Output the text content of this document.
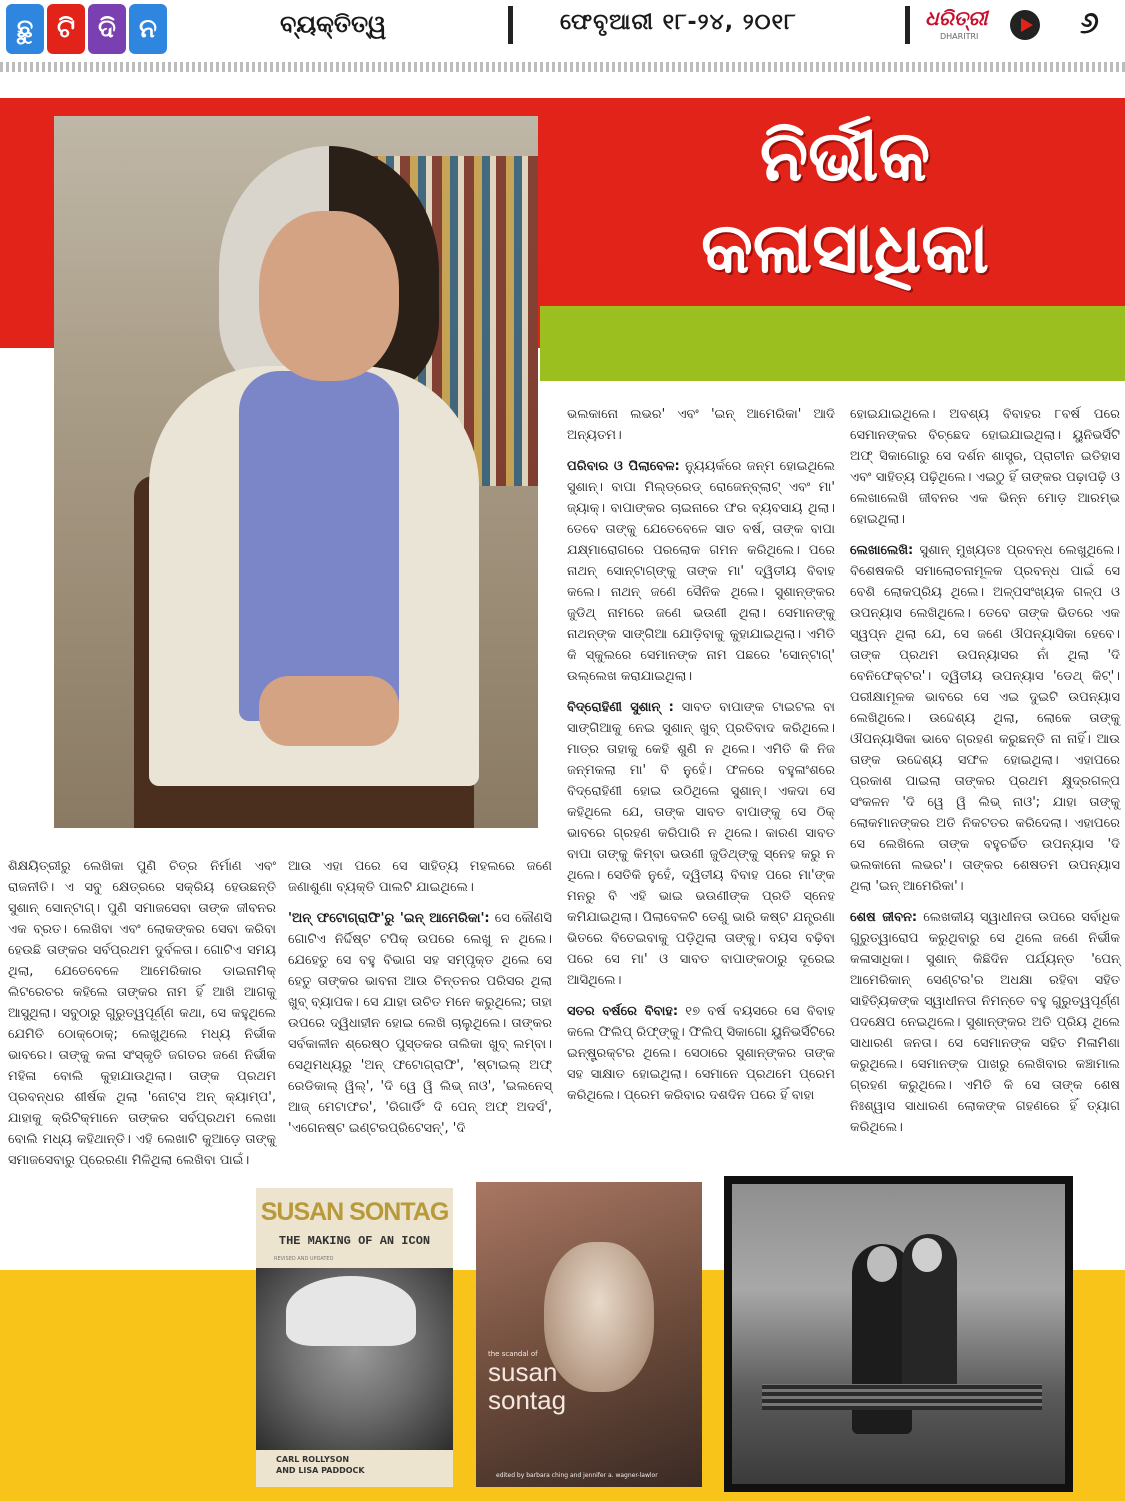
ଛୁ ଟି ଦି ନ	ବ୍ୟକ୍ତିତ୍ୱ	ଫେବୃଆରୀ ୧୮-୨୪, ୨୦୧୮	ଧରିତ୍ରୀ
DHARITRI	୬
ନିର୍ଭୀକ
କଳାସାଧିକା

ଭଲକାନୋ ଲଭର' ଏବଂ 'ଇନ୍ ଆମେରିକା' ଆଦି ଅନ୍ୟତମ।

ପରିବାର ଓ ପିଲାବେଳ: ନ୍ୟୁୟର୍କରେ ଜନ୍ମ ହୋଇଥିଲେ ସୁଶାନ୍। ବାପା ମିଲ୍‌ଡ୍ରେଡ୍ ରୋଜେନ୍‌ବ୍ଲାଟ୍ ଏବଂ ମା' ଜ୍ୟାକ୍। ବାପାଙ୍କର ଚାଇନାରେ ଫର ବ୍ୟବସାୟ ଥିଲା। ତେବେ ତାଙ୍କୁ ଯେତେବେଳେ ସାତ ବର୍ଷ, ତାଙ୍କ ବାପା ଯକ୍ଷ୍ମାରୋଗରେ ପରଲୋକ ଗମନ କରିଥିଲେ। ପରେ ନାଥନ୍ ସୋନ୍‌ଟାଗ୍‌ଙ୍କୁ ତାଙ୍କ ମା' ଦ୍ୱିତୀୟ ବିବାହ କଲେ। ନାଥନ୍ ଜଣେ ସୈନିକ ଥିଲେ। ସୁଶାନ୍‌ଙ୍କର ଜୁଡିଥ୍ ନାମରେ ଜଣେ ଭଉଣୀ ଥିଲା। ସେମାନଙ୍କୁ ନାଥନ୍‌ଙ୍କ ସାଙ୍ଗିଆ ଯୋଡ଼ିବାକୁ କୁହାଯାଇଥିଲା। ଏମିତି କି ସ୍କୁଲରେ ସେମାନଙ୍କ ନାମ ପଛରେ 'ସୋନ୍‌ଟାଗ୍' ଉଲ୍ଲେଖ କରାଯାଇଥିଲା।

ବିଦ୍ରୋହିଣୀ ସୁଶାନ୍ : ସାବତ ବାପାଙ୍କ ଟାଇଟଲ ବା ସାଙ୍ଗିଆକୁ ନେଇ ସୁଶାନ୍ ଖୁବ୍ ପ୍ରତିବାଦ କରିଥିଲେ। ମାତ୍ର ତାହାକୁ କେହି ଶୁଣି ନ ଥିଲେ। ଏମିତି କି ନିଜ ଜନ୍ମକଲା ମା' ବି ନୁହେଁ। ଫଳରେ ବହୁଳାଂଶରେ ବିଦ୍ରୋହିଣୀ ହୋଇ ଉଠିଥିଲେ ସୁଶାନ୍। ଏକଦା ସେ କହିଥିଲେ ଯେ, ତାଙ୍କ ସାବତ ବାପାଙ୍କୁ ସେ ଠିକ୍ ଭାବରେ ଗ୍ରହଣ କରିପାରି ନ ଥିଲେ। କାରଣ ସାବତ ବାପା ତାଙ୍କୁ କିମ୍ବା ଭଉଣୀ ଜୁଡିଥ୍‌ଙ୍କୁ ସ୍ନେହ କରୁ ନ ଥିଲେ। ସେତିକି ନୁହେଁ, ଦ୍ୱିତୀୟ ବିବାହ ପରେ ମା'ଙ୍କ ମନରୁ ବି ଏହି ଭାଇ ଭଉଣୀଙ୍କ ପ୍ରତି ସ୍ନେହ କମିଯାଇଥିଲା। ପିଲାବେଳଟି ତେଣୁ ଭାରି କଷ୍ଟ ଯନ୍ତ୍ରଣା ଭିତରେ ବିତେଇବାକୁ ପଡ଼ିଥିଲା ତାଙ୍କୁ। ବୟସ ବଢ଼ିବା ପରେ ସେ ମା' ଓ ସାବତ ବାପାଙ୍କଠାରୁ ଦୂରେଇ ଆସିଥିଲେ।

ସତର ବର୍ଷରେ ବିବାହ: ୧୭ ବର୍ଷ ବୟସରେ ସେ ବିବାହ କଲେ ଫିଲିପ୍ ରିଫ୍‌ଙ୍କୁ। ଫିଲିପ୍ ସିକାଗୋ ୟୁନିଭର୍ସିଟିରେ ଇନ୍‌ଷ୍ଟ୍ରକ୍ଟର ଥିଲେ। ସେଠାରେ ସୁଶାନ୍‌ଙ୍କର ତାଙ୍କ ସହ ସାକ୍ଷାତ ହୋଇଥିଲା। ସେମାନେ ପ୍ରଥମେ ପ୍ରେମ କରିଥିଲେ। ପ୍ରେମ କରିବାର ଦଶଦିନ ପରେ ହିଁ ବାହା

ହୋଇଯାଇଥିଲେ। ଅବଶ୍ୟ ବିବାହର ୮ବର୍ଷ ପରେ ସେମାନଙ୍କର ବିଚ୍ଛେଦ ହୋଇଯାଇଥିଲା। ୟୁନିଭର୍ସିଟି ଅଫ୍ ସିକାଗୋରୁ ସେ ଦର୍ଶନ ଶାସ୍ତ୍ର, ପ୍ରାଚୀନ ଇତିହାସ ଏବଂ ସାହିତ୍ୟ ପଢ଼ିଥିଲେ। ଏଇଠୁ ହିଁ ତାଙ୍କର ପଢ଼ାପଢ଼ି ଓ ଲେଖାଲେଖି ଜୀବନର ଏକ ଭିନ୍ନ ମୋଡ଼ ଆରମ୍ଭ ହୋଇଥିଲା।

ଲେଖାଲେଖି: ସୁଶାନ୍ ମୁଖ୍ୟତଃ ପ୍ରବନ୍ଧ ଲେଖୁଥିଲେ। ବିଶେଷକରି ସମାଲୋଚନାମୂଳକ ପ୍ରବନ୍ଧ ପାଇଁ ସେ ବେଶି ଲୋକପ୍ରିୟ ଥିଲେ। ଅଳ୍ପସଂଖ୍ୟକ ଗଳ୍ପ ଓ ଉପନ୍ୟାସ ଲେଖିଥିଲେ। ତେବେ ତାଙ୍କ ଭିତରେ ଏକ ସ୍ୱପ୍ନ ଥିଲା ଯେ, ସେ ଜଣେ ଔପନ୍ୟାସିକା ହେବେ। ତାଙ୍କ ପ୍ରଥମ ଉପନ୍ୟାସର ନାଁ ଥିଲା 'ଦି ବେନିଫେକ୍ଟର'। ଦ୍ୱିତୀୟ ଉପନ୍ୟାସ 'ଡେଥ୍ କିଟ୍'। ପରୀକ୍ଷାମୂଳକ ଭାବରେ ସେ ଏଇ ଦୁଇଟି ଉପନ୍ୟାସ ଲେଖିଥିଲେ। ଉଦ୍ଦେଶ୍ୟ ଥିଲା, ଲୋକେ ତାଙ୍କୁ ଔପନ୍ୟାସିକା ଭାବେ ଗ୍ରହଣ କରୁଛନ୍ତି ନା ନାହିଁ। ଆଉ ତାଙ୍କ ଉଦ୍ଦେଶ୍ୟ ସଫଳ ହୋଇଥିଲା। ଏହାପରେ ପ୍ରକାଶ ପାଇଲା ତାଙ୍କର ପ୍ରଥମ କ୍ଷୁଦ୍ରଗଳ୍ପ ସଂକଳନ 'ଦି ୱେ ୱି ଲିଭ୍ ନାଓ'; ଯାହା ତାଙ୍କୁ ଲୋକମାନଙ୍କର ଅତି ନିକଟତର କରିଦେଲା। ଏହାପରେ ସେ ଲେଖିଲେ ତାଙ୍କ ବହୁଚର୍ଚ୍ଚିତ ଉପନ୍ୟାସ 'ଦି ଭଲକାନୋ ଲଭର'। ତାଙ୍କର ଶେଷତମ ଉପନ୍ୟାସ ଥିଲା 'ଇନ୍ ଆମେରିକା'।

ଶେଷ ଜୀବନ: ଲେଖକୀୟ ସ୍ୱାଧୀନତା ଉପରେ ସର୍ବାଧିକ ଗୁରୁତ୍ୱାରୋପ କରୁଥିବାରୁ ସେ ଥିଲେ ଜଣେ ନିର୍ଭୀକ କଳାସାଧିକା। ସୁଶାନ୍ କିଛିଦିନ ପର୍ଯ୍ୟନ୍ତ 'ପେନ୍ ଆମେରିକାନ୍ ସେଣ୍ଟର'ର ଅଧକ୍ଷା ରହିବା ସହିତ ସାହିତ୍ୟିକଙ୍କ ସ୍ୱାଧୀନତା ନିମନ୍ତେ ବହୁ ଗୁରୁତ୍ୱପୂର୍ଣ୍ଣ ପଦକ୍ଷେପ ନେଇଥିଲେ। ସୁଶାନ୍‌ଙ୍କର ଅତି ପ୍ରିୟ ଥିଲେ ସାଧାରଣ ଜନତା। ସେ ସେମାନଙ୍କ ସହିତ ମିଳାମିଶା କରୁଥିଲେ। ସେମାନଙ୍କ ପାଖରୁ ଲେଖିବାର କଞ୍ଚାମାଲ ଗ୍ରହଣ କରୁଥିଲେ। ଏମିତି କି ସେ ତାଙ୍କ ଶେଷ ନିଃଶ୍ୱାସ ସାଧାରଣ ଲୋକଙ୍କ ଗହଣରେ ହିଁ ତ୍ୟାଗ କରିଥିଲେ।

ଶିକ୍ଷୟିତ୍ରୀରୁ ଲେଖିକା ପୁଣି ଚିତ୍ର ନିର୍ମାଣ ଏବଂ ରାଜନୀତି। ଏ ସବୁ କ୍ଷେତ୍ରରେ ସକ୍ରିୟ ହେଉଛନ୍ତି ସୁଶାନ୍ ସୋନ୍‌ଟାଗ୍‌। ପୁଣି ସମାଜସେବା ତାଙ୍କ ଜୀବନର ଏକ ବ୍ରତ। ଲେଖିବା ଏବଂ ଲୋକଙ୍କର ସେବା କରିବା ହେଉଛି ତାଙ୍କର ସର୍ବପ୍ରଥମ ଦୁର୍ବଳତା। ଗୋଟିଏ ସମୟ ଥିଲା, ଯେତେବେଳେ ଆମେରିକାର ଡାଇନାମିକ୍ ଲିଟରେଚର କହିଲେ ତାଙ୍କର ନାମ ହିଁ ଆଖି ଆଗକୁ ଆସୁଥିଲା। ସବୁଠାରୁ ଗୁରୁତ୍ୱପୂର୍ଣ୍ଣ କଥା, ସେ କହୁଥିଲେ ଯେମିତି ଠୋକ୍‌ଠୋକ୍‌; ଲେଖୁଥିଲେ ମଧ୍ୟ ନିର୍ଭୀକ ଭାବରେ। ତାଙ୍କୁ କଳା ସଂସ୍କୃତି ଜଗତର ଜଣେ ନିର୍ଭୀକ ମହିଳା ବୋଲି କୁହାଯାଉଥିଲା। ତାଙ୍କ ପ୍ରଥମ ପ୍ରବନ୍ଧର ଶୀର୍ଷକ ଥିଲା 'ନୋଟ୍ସ ଅନ୍ କ୍ୟାମ୍ପ', ଯାହାକୁ କ୍ରିଟିକ୍‌ମାନେ ତାଙ୍କର ସର୍ବପ୍ରଥମ ଲେଖା ବୋଲି ମଧ୍ୟ କହିଥାନ୍ତି। ଏହି ଲେଖାଟି କୁଆଡ଼େ ତାଙ୍କୁ ସମାଜସେବାରୁ ପ୍ରେରଣା ମିଳିଥିଲା ଲେଖିବା ପାଇଁ।

ଆଉ ଏହା ପରେ ସେ ସାହିତ୍ୟ ମହଲରେ ଜଣେ ଜଣାଶୁଣା ବ୍ୟକ୍ତି ପାଲଟି ଯାଇଥିଲେ।

'ଅନ୍ ଫଟୋଗ୍ରାଫି'ରୁ 'ଇନ୍ ଆମେରିକା': ସେ କୌଣସି ଗୋଟିଏ ନିର୍ଦ୍ଦିଷ୍ଟ ଟପିକ୍ ଉପରେ ଲେଖୁ ନ ଥିଲେ। ଯେହେତୁ ସେ ବହୁ ବିଭାଗ ସହ ସମ୍ପୃକ୍ତ ଥିଲେ ସେ ହେତୁ ତାଙ୍କର ଭାବନା ଆଉ ଚିନ୍ତନର ପରିସର ଥିଲା ଖୁବ୍ ବ୍ୟାପକ। ସେ ଯାହା ଉଚିତ ମନେ କରୁଥିଲେ; ତାହା ଉପରେ ଦ୍ୱିଧାହୀନ ହୋଇ ଲେଖି ଚାଲୁଥିଲେ। ତାଙ୍କର ସର୍ବକାଳୀନ ଶ୍ରେଷ୍ଠ ପୁସ୍ତକର ତାଲିକା ଖୁବ୍ ଲମ୍ବା। ସେଥିମଧ୍ୟରୁ 'ଅନ୍ ଫଟୋଗ୍ରାଫି', 'ଷ୍ଟାଇଲ୍ ଅଫ୍ ରେଡିକାଲ୍ ୱିଲ୍', 'ଦି ୱେ ୱି ଲିଭ୍ ନାଓ', 'ଇଲନେସ୍ ଆଜ୍ ମେଟାଫର', 'ରିଗାର୍ଡିଂ ଦି ପେନ୍ ଅଫ୍ ଅଦର୍ସ', 'ଏଗେନଷ୍ଟ ଇଣ୍ଟରପ୍ରିଟେସନ୍', 'ଦି

SUSAN SONTAG
THE MAKING OF AN ICON
REVISED AND UPDATED
CARL ROLLYSON
AND LISA PADDOCK
the scandal of
susan
sontag
edited by barbara ching and jennifer a. wagner-lawlor
